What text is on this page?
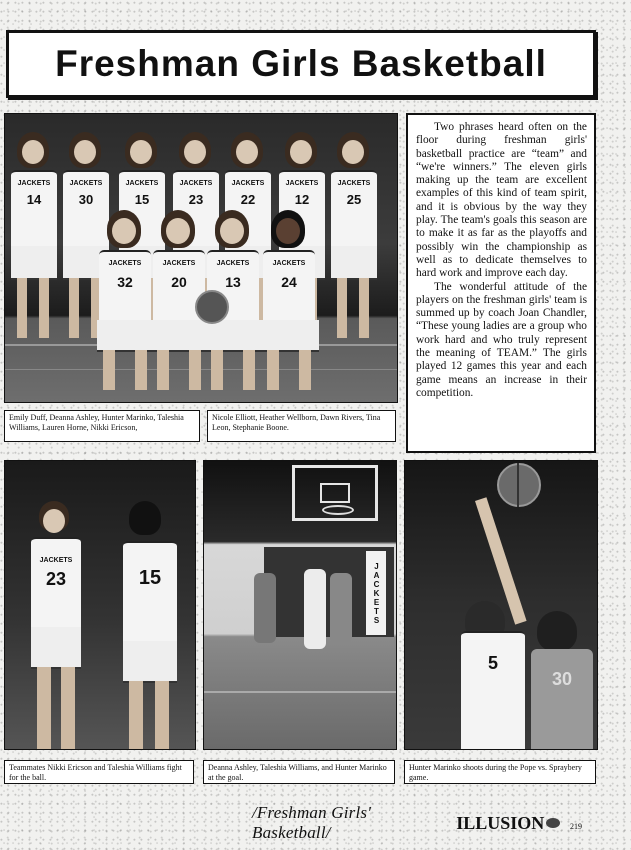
Freshman Girls Basketball
JACKETS
14
JACKETS
30
JACKETS
15
JACKETS
23
JACKETS
22
JACKETS
12
JACKETS
25
JACKETS
32
JACKETS
20
JACKETS
13
JACKETS
24
Emily Duff, Deanna Ashley, Hunter Marinko, Taleshia Williams, Lauren Horne, Nikki Ericson,
Nicole Elliott, Heather Wellborn, Dawn Rivers, Tina Leon, Stephanie Boone.

Two phrases heard often on the floor during freshman girls' basketball practice are “team” and “we're winners.” The eleven girls making up the team are excellent examples of this kind of team spirit, and it is obvious by the way they play. The team's goals this season are to make it as far as the playoffs and possibly win the championship as well as to dedicate themselves to hard work and improve each day.

The wonderful attitude of the players on the freshman girls' team is summed up by coach Joan Chandler, “These young ladies are a group who work hard and who truly represent the meaning of TEAM.” The girls played 12 games this year and each game means an increase in their competition.

JACKETS
23	15
Teammates Nikki Ericson and Taleshia Williams fight for the ball.
JACKETS
Deanna Ashley, Taleshia Williams, and Hunter Marinko at the goal.
5
30
Hunter Marinko shoots during the Pope vs. Spraybery game.
/Freshman Girls' Basketball/	ILLUSION	219
